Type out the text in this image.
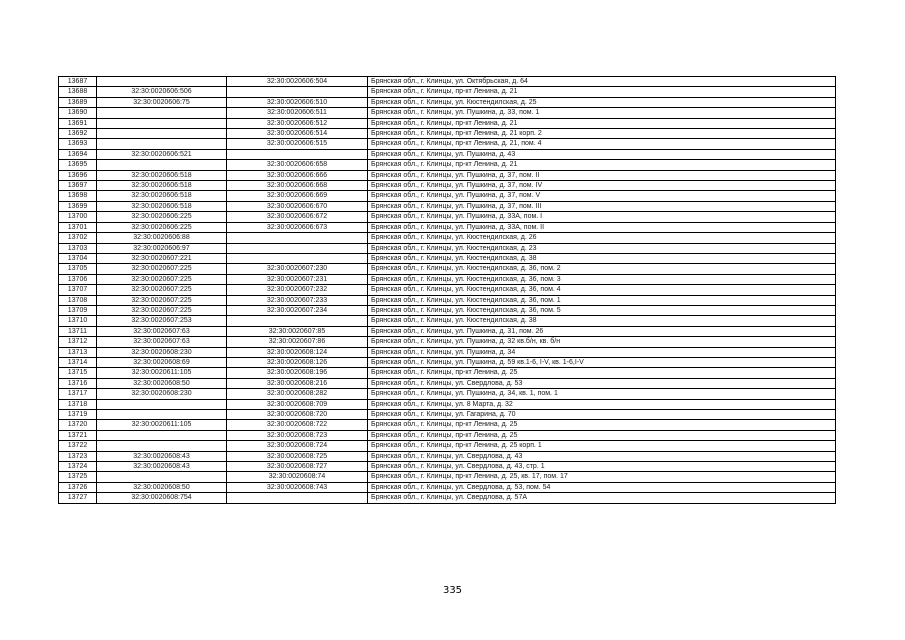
13687		32:30:0020606:504	Брянская обл., г. Клинцы, ул. Октябрьская, д. 64
13688	32:30:0020606:506		Брянская обл., г. Клинцы, пр-кт Ленина, д. 21
13689	32:30:0020606:75	32:30:0020606:510	Брянская обл., г. Клинцы, ул. Кюстендилская, д. 25
13690		32:30:0020606:511	Брянская обл., г. Клинцы, ул. Пушкина, д. 33, пом. 1
13691		32:30:0020606:512	Брянская обл., г. Клинцы, пр-кт Ленина, д. 21
13692		32:30:0020606:514	Брянская обл., г. Клинцы, пр-кт Ленина, д. 21 корп. 2
13693		32:30:0020606:515	Брянская обл., г. Клинцы, пр-кт Ленина, д. 21, пом. 4
13694	32:30:0020606:521		Брянская обл., г. Клинцы, ул. Пушкина, д. 43
13695		32:30:0020606:658	Брянская обл., г. Клинцы, пр-кт Ленина, д. 21
13696	32:30:0020606:518	32:30:0020606:666	Брянская обл., г. Клинцы, ул. Пушкина, д. 37, пом. II
13697	32:30:0020606:518	32:30:0020606:668	Брянская обл., г. Клинцы, ул. Пушкина, д. 37, пом. IV
13698	32:30:0020606:518	32:30:0020606:669	Брянская обл., г. Клинцы, ул. Пушкина, д. 37, пом. V
13699	32:30:0020606:518	32:30:0020606:670	Брянская обл., г. Клинцы, ул. Пушкина, д. 37, пом. III
13700	32:30:0020606:225	32:30:0020606:672	Брянская обл., г. Клинцы, ул. Пушкина, д. 33А, пом. I
13701	32:30:0020606:225	32:30:0020606:673	Брянская обл., г. Клинцы, ул. Пушкина, д. 33А, пом. II
13702	32:30:0020606:88		Брянская обл., г. Клинцы, ул. Кюстендилская, д. 26
13703	32:30:0020606:97		Брянская обл., г. Клинцы, ул. Кюстендилская, д. 23
13704	32:30:0020607:221		Брянская обл., г. Клинцы, ул. Кюстендилская, д. 38
13705	32:30:0020607:225	32:30:0020607:230	Брянская обл., г. Клинцы, ул. Кюстендилская, д. 36, пом. 2
13706	32:30:0020607:225	32:30:0020607:231	Брянская обл., г. Клинцы, ул. Кюстендилская, д. 36, пом. 3
13707	32:30:0020607:225	32:30:0020607:232	Брянская обл., г. Клинцы, ул. Кюстендилская, д. 36, пом. 4
13708	32:30:0020607:225	32:30:0020607:233	Брянская обл., г. Клинцы, ул. Кюстендилская, д. 36, пом. 1
13709	32:30:0020607:225	32:30:0020607:234	Брянская обл., г. Клинцы, ул. Кюстендилская, д. 36, пом. 5
13710	32:30:0020607:253		Брянская обл., г. Клинцы, ул. Кюстендилская, д. 38
13711	32:30:0020607:63	32:30:0020607:85	Брянская обл., г. Клинцы, ул. Пушкина, д. 31, пом. 26
13712	32:30:0020607:63	32:30:0020607:86	Брянская обл., г. Клинцы, ул. Пушкина, д. 32 кв.б/н, кв. б/н
13713	32:30:0020608:230	32:30:0020608:124	Брянская обл., г. Клинцы, ул. Пушкина, д. 34
13714	32:30:0020608:69	32:30:0020608:126	Брянская обл., г. Клинцы, ул. Пушкина, д. 59 кв.1-6, I-V, кв. 1-6,I-V
13715	32:30:0020611:105	32:30:0020608:196	Брянская обл., г. Клинцы, пр-кт Ленина, д. 25
13716	32:30:0020608:50	32:30:0020608:216	Брянская обл., г. Клинцы, ул. Свердлова, д. 53
13717	32:30:0020608:230	32:30:0020608:282	Брянская обл., г. Клинцы, ул. Пушкина, д. 34, кв. 1, пом. 1
13718		32:30:0020608:709	Брянская обл., г. Клинцы, ул. 8 Марта, д. 32
13719		32:30:0020608:720	Брянская обл., г. Клинцы, ул. Гагарина, д. 70
13720	32:30:0020611:105	32:30:0020608:722	Брянская обл., г. Клинцы, пр-кт Ленина, д. 25
13721		32:30:0020608:723	Брянская обл., г. Клинцы, пр-кт Ленина, д. 25
13722		32:30:0020608:724	Брянская обл., г. Клинцы, пр-кт Ленина, д. 25 корп. 1
13723	32:30:0020608:43	32:30:0020608:725	Брянская обл., г. Клинцы, ул. Свердлова, д. 43
13724	32:30:0020608:43	32:30:0020608:727	Брянская обл., г. Клинцы, ул. Свердлова, д. 43, стр. 1
13725		32:30:0020608:74	Брянская обл., г. Клинцы, пр-кт Ленина, д. 25, кв. 17, пом. 17
13726	32:30:0020608:50	32:30:0020608:743	Брянская обл., г. Клинцы, ул. Свердлова, д. 53, пом. 54
13727	32:30:0020608:754		Брянская обл., г. Клинцы, ул. Свердлова, д. 57А
335
